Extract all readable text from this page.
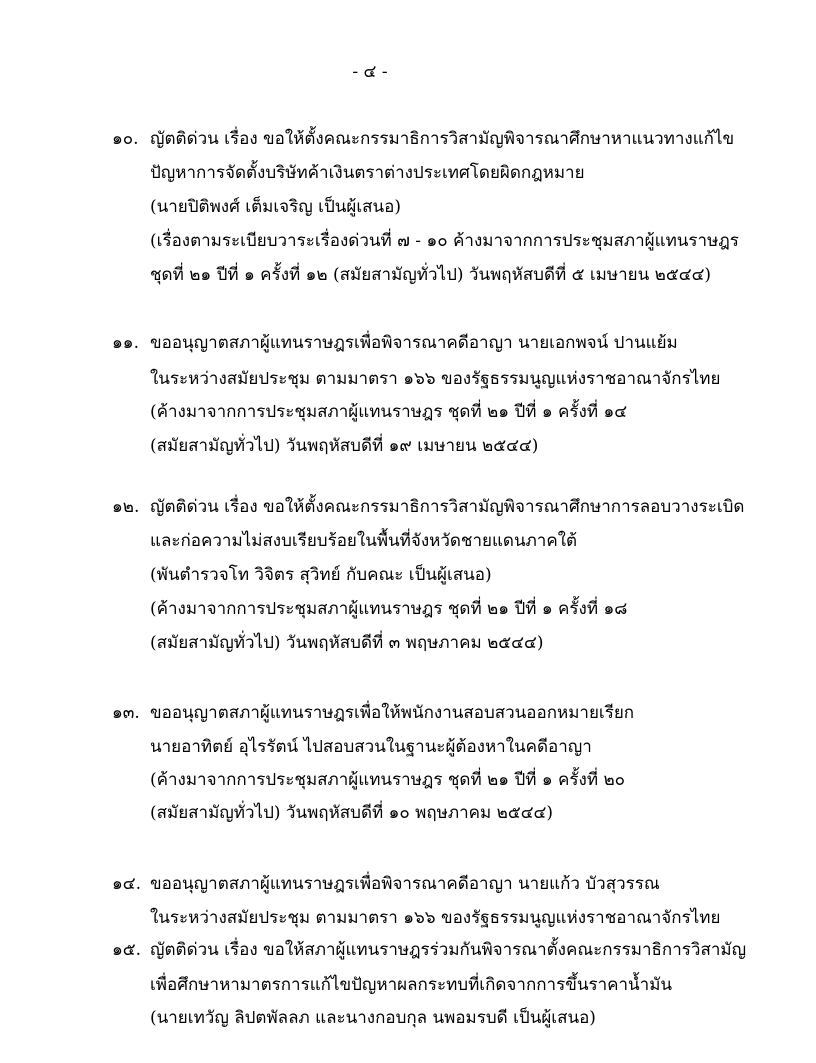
- ๔ -
๑๐. ญัตติด่วน เรื่อง ขอให้ตั้งคณะกรรมาธิการวิสามัญพิจารณาศึกษาหาแนวทางแก้ไข
ปัญหาการจัดตั้งบริษัทค้าเงินตราต่างประเทศโดยผิดกฎหมาย
(นายปิติพงศ์ เต็มเจริญ เป็นผู้เสนอ)
(เรื่องตามระเบียบวาระเรื่องด่วนที่ ๗ - ๑๐ ค้างมาจากการประชุมสภาผู้แทนราษฎร
ชุดที่ ๒๑ ปีที่ ๑ ครั้งที่ ๑๒ (สมัยสามัญทั่วไป) วันพฤหัสบดีที่ ๕ เมษายน ๒๕๔๔)
๑๑. ขออนุญาตสภาผู้แทนราษฎรเพื่อพิจารณาคดีอาญา นายเอกพจน์ ปานแย้ม
ในระหว่างสมัยประชุม ตามมาตรา ๑๖๖ ของรัฐธรรมนูญแห่งราชอาณาจักรไทย
(ค้างมาจากการประชุมสภาผู้แทนราษฎร ชุดที่ ๒๑ ปีที่ ๑ ครั้งที่ ๑๔
(สมัยสามัญทั่วไป) วันพฤหัสบดีที่ ๑๙ เมษายน ๒๕๔๔)
๑๒. ญัตติด่วน เรื่อง ขอให้ตั้งคณะกรรมาธิการวิสามัญพิจารณาศึกษาการลอบวางระเบิด
และก่อความไม่สงบเรียบร้อยในพื้นที่จังหวัดชายแดนภาคใต้
(พันตำรวจโท วิจิตร สุวิทย์ กับคณะ เป็นผู้เสนอ)
(ค้างมาจากการประชุมสภาผู้แทนราษฎร ชุดที่ ๒๑ ปีที่ ๑ ครั้งที่ ๑๘
(สมัยสามัญทั่วไป) วันพฤหัสบดีที่ ๓ พฤษภาคม ๒๕๔๔)
๑๓. ขออนุญาตสภาผู้แทนราษฎรเพื่อให้พนักงานสอบสวนออกหมายเรียก
นายอาทิตย์ อุไรรัตน์ ไปสอบสวนในฐานะผู้ต้องหาในคดีอาญา
(ค้างมาจากการประชุมสภาผู้แทนราษฎร ชุดที่ ๒๑ ปีที่ ๑ ครั้งที่ ๒๐
(สมัยสามัญทั่วไป) วันพฤหัสบดีที่ ๑๐ พฤษภาคม ๒๕๔๔)
๑๔. ขออนุญาตสภาผู้แทนราษฎรเพื่อพิจารณาคดีอาญา นายแก้ว บัวสุวรรณ
ในระหว่างสมัยประชุม ตามมาตรา ๑๖๖ ของรัฐธรรมนูญแห่งราชอาณาจักรไทย
๑๕. ญัตติด่วน เรื่อง ขอให้สภาผู้แทนราษฎรร่วมกันพิจารณาตั้งคณะกรรมาธิการวิสามัญ
เพื่อศึกษาหามาตรการแก้ไขปัญหาผลกระทบที่เกิดจากการขึ้นราคาน้ำมัน
(นายเทวัญ ลิปตพัลลภ และนางกอบกุล นพอมรบดี เป็นผู้เสนอ)
